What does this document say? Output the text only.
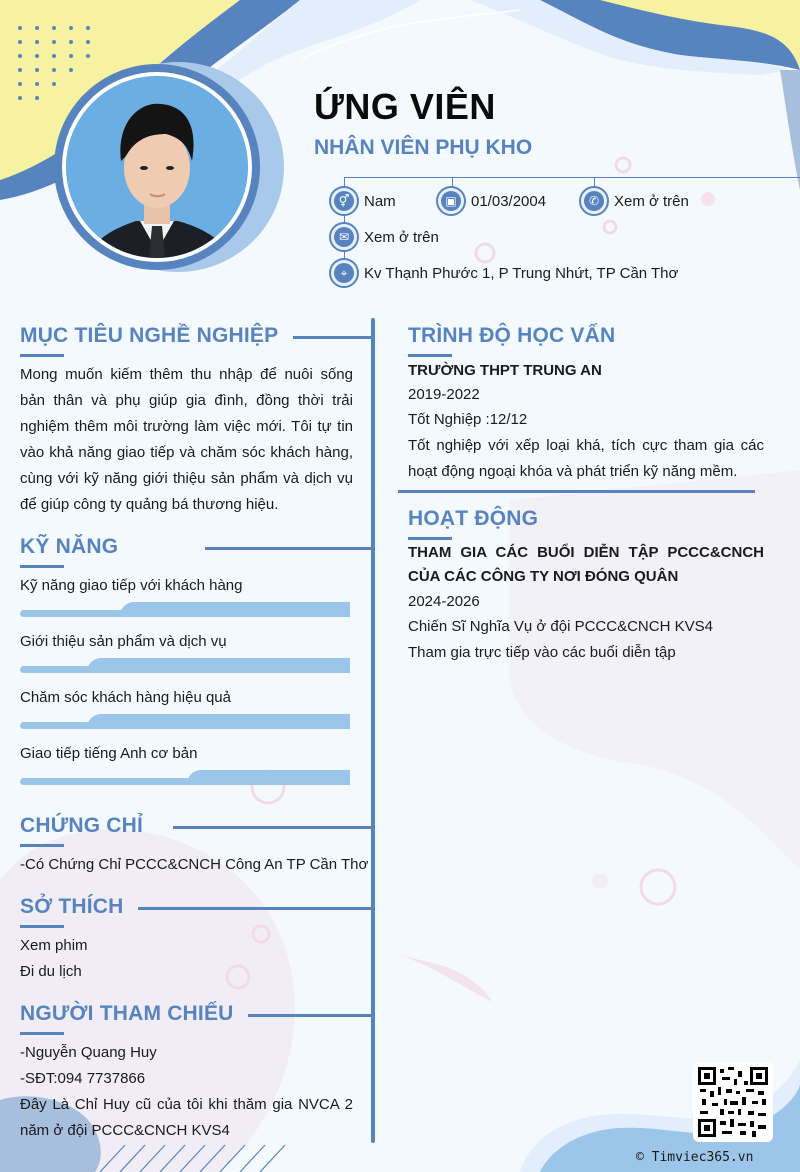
ỨNG VIÊN
NHÂN VIÊN PHỤ KHO
⚥ Nam	▣ 01/03/2004	✆ Xem ở trên
✉ Xem ở trên
⌖	Kv Thạnh Phước 1, P Trung Nhứt, TP Cần Thơ
MỤC TIÊU NGHỀ NGHIỆP
Mong muốn kiếm thêm thu nhập để nuôi sống bản thân và phụ giúp gia đình, đồng thời trải nghiệm thêm môi trường làm việc mới. Tôi tự tin vào khả năng giao tiếp và chăm sóc khách hàng, cùng với kỹ năng giới thiệu sản phẩm và dịch vụ để giúp công ty quảng bá thương hiệu.
KỸ NĂNG
Kỹ năng giao tiếp với khách hàng
Giới thiệu sản phẩm và dịch vụ
Chăm sóc khách hàng hiệu quả
Giao tiếp tiếng Anh cơ bản
CHỨNG CHỈ
-Có Chứng Chỉ PCCC&CNCH Công An TP Cần Thơ
SỞ THÍCH
Xem phim
Đi du lịch
NGƯỜI THAM CHIẾU
-Nguyễn Quang Huy
-SĐT:094 7737866
Đây Là Chỉ Huy cũ của tôi khi thăm gia NVCA 2 năm ở đội PCCC&CNCH KVS4
TRÌNH ĐỘ HỌC VẤN
TRƯỜNG THPT TRUNG AN
2019-2022
Tốt Nghiệp :12/12
Tốt nghiệp với xếp loại khá, tích cực tham gia các hoạt động ngoại khóa và phát triển kỹ năng mềm.
HOẠT ĐỘNG
THAM GIA CÁC BUỔI DIỄN TẬP PCCC&CNCH CỦA CÁC CÔNG TY NƠI ĐÓNG QUÂN
2024-2026
Chiến Sĩ Nghĩa Vụ ở đội PCCC&CNCH KVS4
Tham gia trực tiếp vào các buổi diễn tập
© Timviec365.vn
